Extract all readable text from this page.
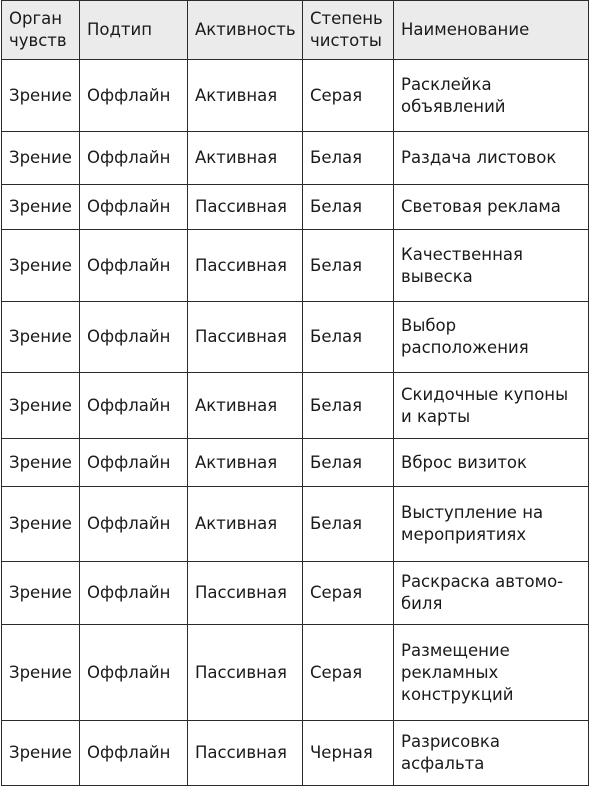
Орган чувств	Подтип	Активность	Степень чистоты	Наименование
Зрение	Оффлайн	Активная	Серая	Расклейка объявлений
Зрение	Оффлайн	Активная	Белая	Раздача листовок
Зрение	Оффлайн	Пассивная	Белая	Световая реклама
Зрение	Оффлайн	Пассивная	Белая	Качественная вывеска
Зрение	Оффлайн	Пассивная	Белая	Выбор расположения
Зрение	Оффлайн	Активная	Белая	Скидочные купоны и карты
Зрение	Оффлайн	Активная	Белая	Вброс визиток
Зрение	Оффлайн	Активная	Белая	Выступление на мероприятиях
Зрение	Оффлайн	Пассивная	Серая	Раскраска автомо-биля
Зрение	Оффлайн	Пассивная	Серая	Размещение рекламных конструкций
Зрение	Оффлайн	Пассивная	Черная	Разрисовка асфальта
